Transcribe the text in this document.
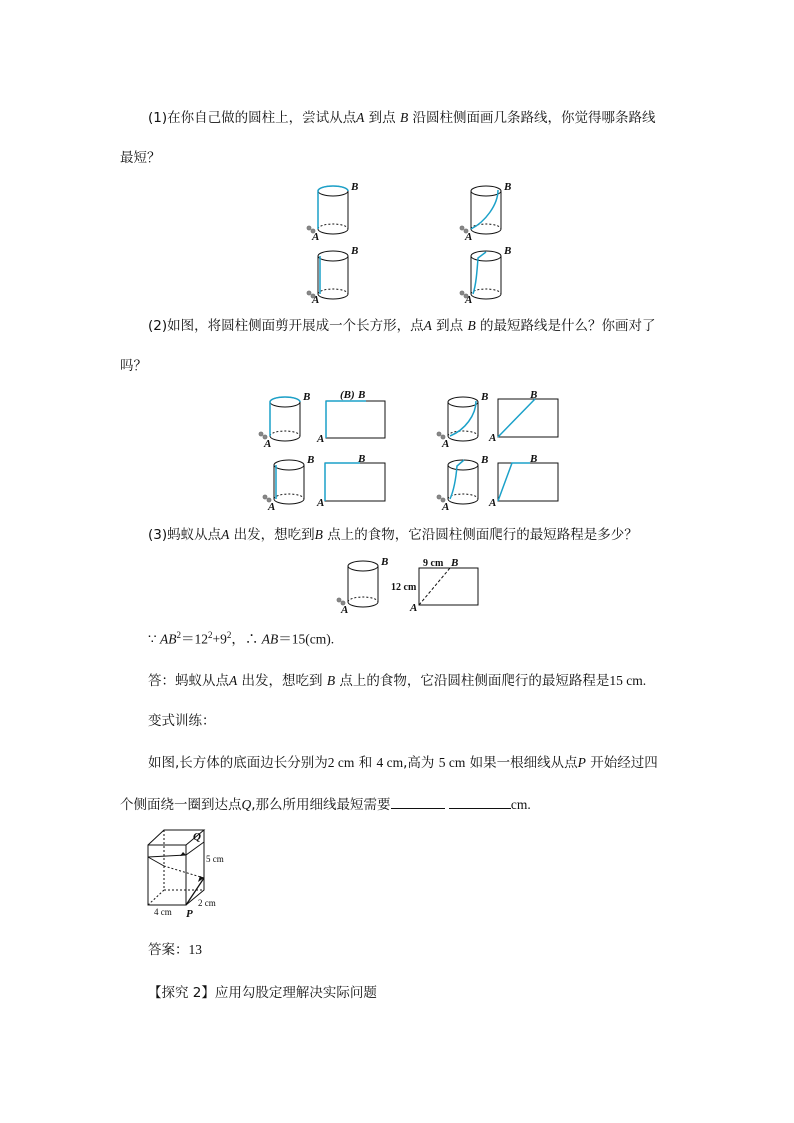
(1)在你自己做的圆柱上，尝试从点A 到点 B 沿圆柱侧面画几条路线，你觉得哪条路线
最短？
B
A
B
A
B
A
B
A
(2)如图，将圆柱侧面剪开展成一个长方形，点A 到点 B 的最短路线是什么？你画对了
吗？
B
A
(B) B
A
B
A
B
A
B
A
B
A
B
A
B
A
(3)蚂蚁从点A 出发，想吃到B 点上的食物，它沿圆柱侧面爬行的最短路程是多少？
B
A
9 cm B
12 cm
A
∵ $AB^2=12^2+9^2$，∴ AB＝15(cm).
答：蚂蚁从点A 出发，想吃到 B 点上的食物，它沿圆柱侧面爬行的最短路程是15 cm.
变式训练：
如图,长方体的底面边长分别为2 cm 和 4 cm,高为 5 cm 如果一根细线从点P 开始经过四
个侧面绕一圈到达点Q,那么所用细线最短需要	cm.
Q
5 cm
2 cm
4 cm P
答案：13
【探究 2】应用勾股定理解决实际问题
